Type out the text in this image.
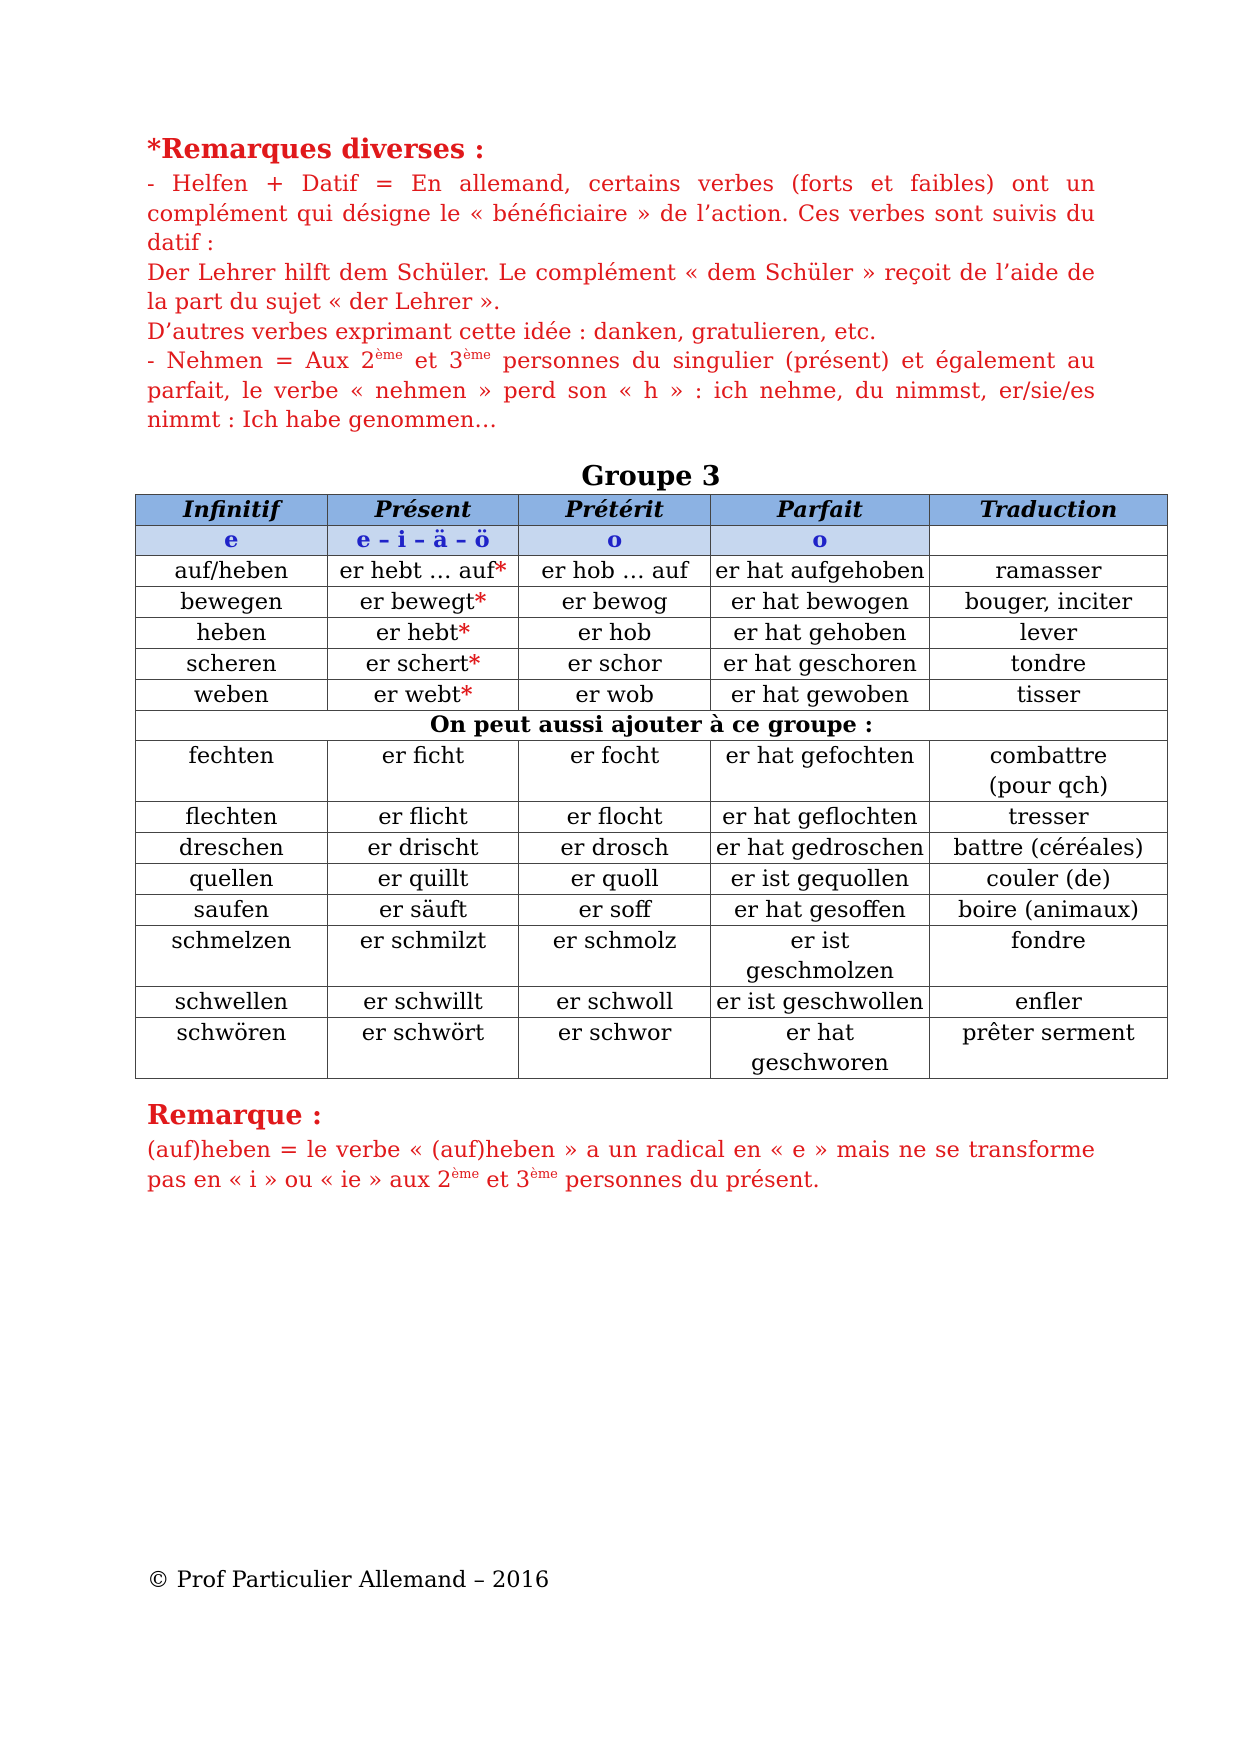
*Remarques diverses :

- Helfen + Datif = En allemand, certains verbes (forts et faibles) ont un complément qui désigne le « bénéficiaire » de l’action. Ces verbes sont suivis du datif :

Der Lehrer hilft dem Schüler. Le complément « dem Schüler » reçoit de l’aide de la part du sujet « der Lehrer ».

D’autres verbes exprimant cette idée : danken, gratulieren, etc.

- Nehmen = Aux 2ème et 3ème personnes du singulier (présent) et également au parfait, le verbe « nehmen » perd son « h » : ich nehme, du nimmst, er/sie/es nimmt : Ich habe genommen…

Groupe 3
Infinitif	Présent	Prétérit	Parfait	Traduction
e	e – i – ä – ö	o	o	
auf/heben	er hebt … auf*	er hob … auf	er hat aufgehoben	ramasser
bewegen	er bewegt*	er bewog	er hat bewogen	bouger, inciter
heben	er hebt*	er hob	er hat gehoben	lever
scheren	er schert*	er schor	er hat geschoren	tondre
weben	er webt*	er wob	er hat gewoben	tisser
On peut aussi ajouter à ce groupe :				
fechten	er ficht	er focht	er hat gefochten	combattre (pour qch)
flechten	er flicht	er flocht	er hat geflochten	tresser
dreschen	er drischt	er drosch	er hat gedroschen	battre (céréales)
quellen	er quillt	er quoll	er ist gequollen	couler (de)
saufen	er säuft	er soff	er hat gesoffen	boire (animaux)
schmelzen	er schmilzt	er schmolz	er ist geschmolzen	fondre
schwellen	er schwillt	er schwoll	er ist geschwollen	enfler
schwören	er schwört	er schwor	er hat geschworen	prêter serment
Remarque :

(auf)heben = le verbe « (auf)heben » a un radical en « e » mais ne se transforme pas en « i » ou « ie » aux 2ème et 3ème personnes du présent.

© Prof Particulier Allemand – 2016
